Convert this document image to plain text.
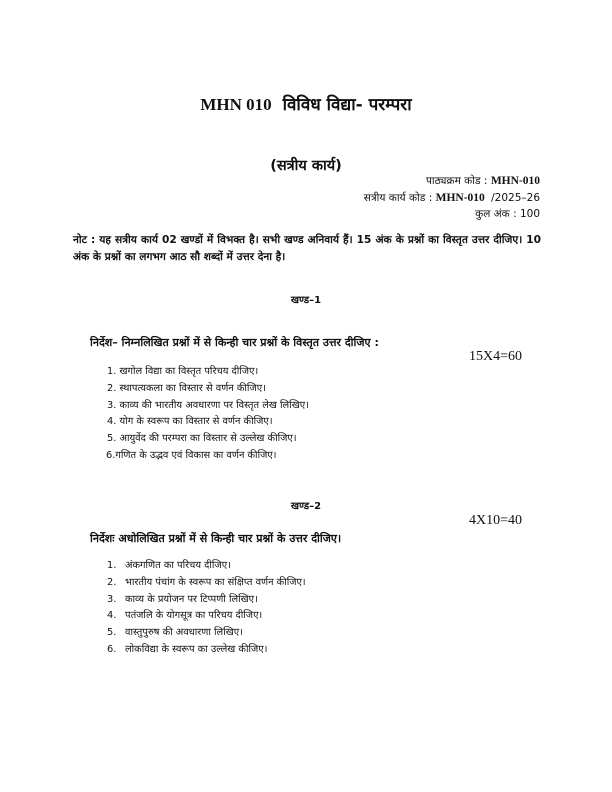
MHN 010 विविध विद्या- परम्परा
(सत्रीय कार्य)
पाठ्यक्रम कोड : MHN-010
सत्रीय कार्य कोड : MHN-010 /2025–26
कुल अंक : 100
नोट : यह सत्रीय कार्य 02 खण्डों में विभक्त है। सभी खण्ड अनिवार्य हैं। 15 अंक के प्रश्नों का विस्तृत उत्तर दीजिए। 10 अंक के प्रश्नों का लगभग आठ सौ शब्दों में उत्तर देना है।
खण्ड–1
निर्देश– निम्नलिखित प्रश्नों में से किन्ही चार प्रश्नों के विस्तृत उत्तर दीजिए :
15X4=60
1. खगोल विद्या का विस्तृत परिचय दीजिए।
2. स्थापत्यकला का विस्तार से वर्णन कीजिए।
3. काव्य की भारतीय अवधारणा पर विस्तृत लेख लिखिए।
4. योग के स्वरूप का विस्तार से वर्णन कीजिए।
5. आयुर्वेद की परम्परा का विस्तार से उल्लेख कीजिए।
6.गणित के उद्भव एवं विकास का वर्णन कीजिए।
खण्ड–2
4X10=40
निर्देशः अधोलिखित प्रश्नों में से किन्ही चार प्रश्नों के उत्तर दीजिए।
1. अंकगणित का परिचय दीजिए।
2. भारतीय पंचांग के स्वरूप का संक्षिप्त वर्णन कीजिए।
3. काव्य के प्रयोजन पर टिप्पणी लिखिए।
4. पतंजलि के योगसूत्र का परिचय दीजिए।
5. वास्तुपुरुष की अवधारणा लिखिए।
6. लोकविद्या के स्वरूप का उल्लेख कीजिए।
